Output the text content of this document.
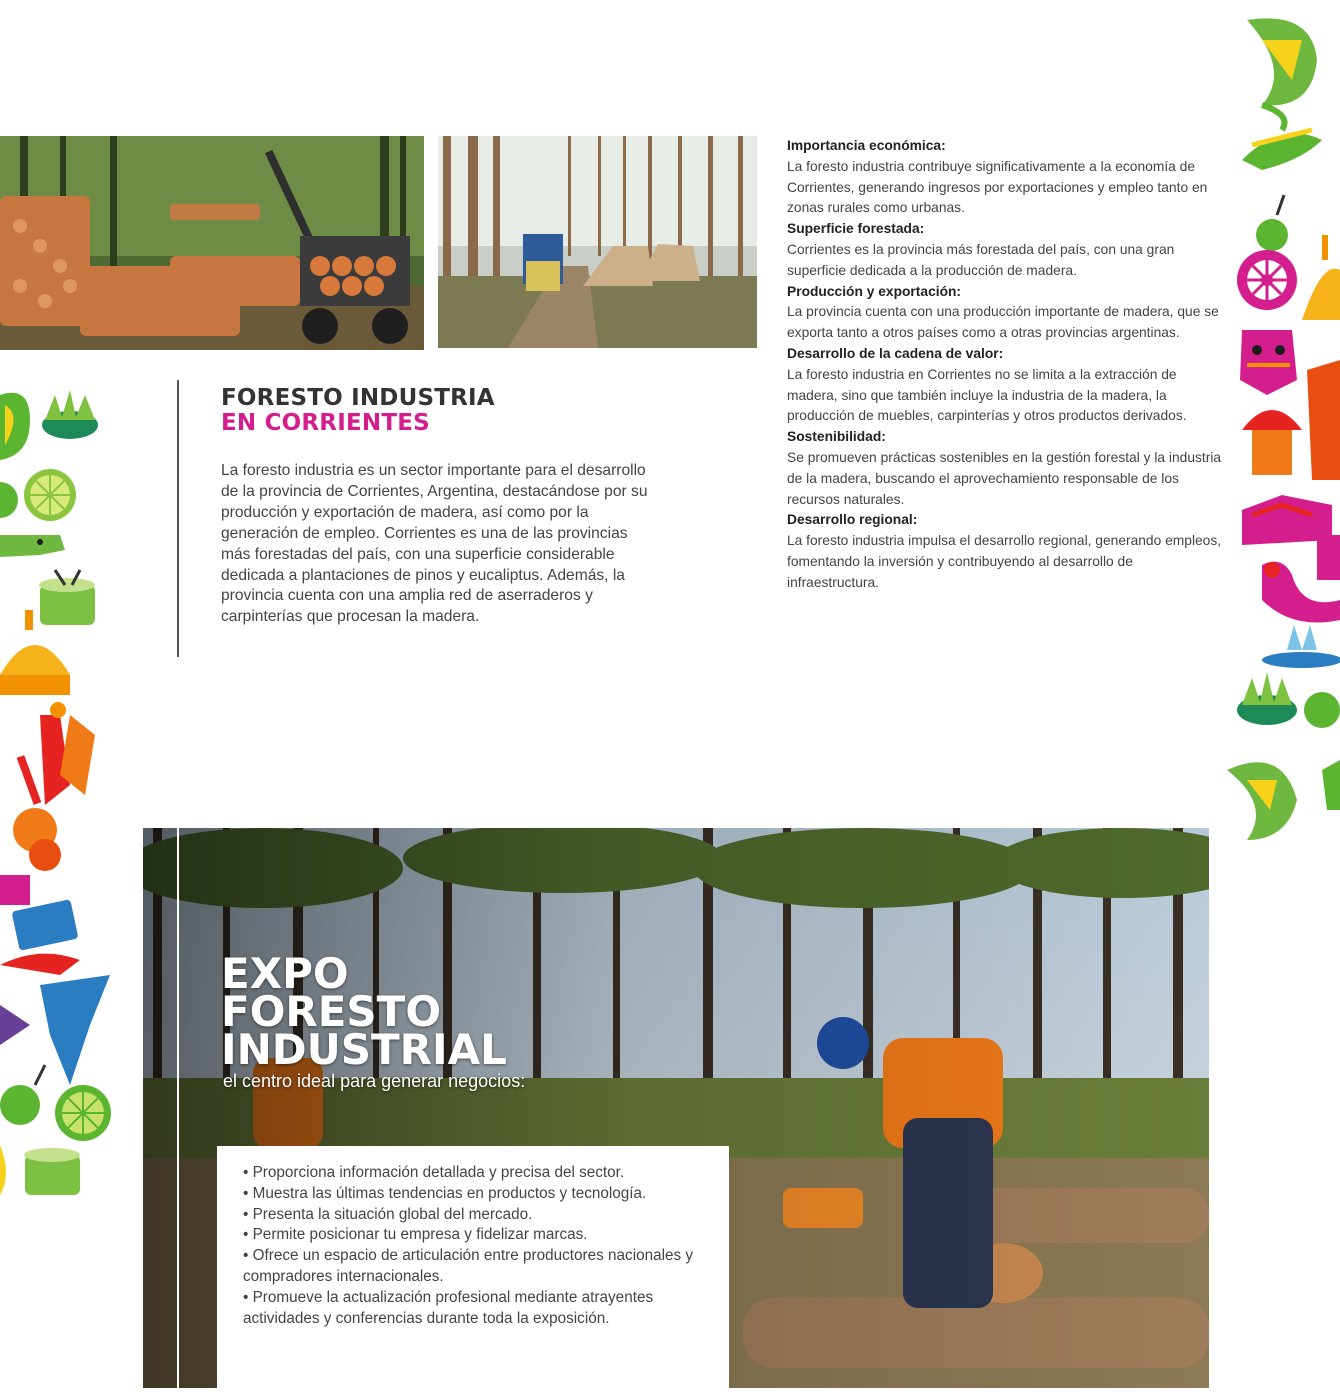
FORESTO INDUSTRIA
EN CORRIENTES

La foresto industria es un sector importante para el desarrollo de la provincia de Corrientes, Argentina, destacándose por su producción y exportación de madera, así como por la generación de empleo. Corrientes es una de las provincias más forestadas del país, con una superficie considerable dedicada a plantaciones de pinos y eucaliptus. Además, la provincia cuenta con una amplia red de aserraderos y carpinterías que procesan la madera.

Importancia económica:

La foresto industria contribuye significativamente a la economía de Corrientes, generando ingresos por exportaciones y empleo tanto en zonas rurales como urbanas.

Superficie forestada:

Corrientes es la provincia más forestada del país, con una gran superficie dedicada a la producción de madera.

Producción y exportación:

La provincia cuenta con una producción importante de madera, que se exporta tanto a otros países como a otras provincias argentinas.

Desarrollo de la cadena de valor:

La foresto industria en Corrientes no se limita a la extracción de madera, sino que también incluye la industria de la madera, la producción de muebles, carpinterías y otros productos derivados.

Sostenibilidad:

Se promueven prácticas sostenibles en la gestión forestal y la industria de la madera, buscando el aprovechamiento responsable de los recursos naturales.

Desarrollo regional:

La foresto industria impulsa el desarrollo regional, generando empleos, fomentando la inversión y contribuyendo al desarrollo de infraestructura.

EXPO
FORESTO
INDUSTRIAL

el centro ideal para generar negocios:

• Proporciona información detallada y precisa del sector.
• Muestra las últimas tendencias en productos y tecnología.
• Presenta la situación global del mercado.
• Permite posicionar tu empresa y fidelizar marcas.
• Ofrece un espacio de articulación entre productores nacionales y compradores internacionales.
• Promueve la actualización profesional mediante atrayentes actividades y conferencias durante toda la exposición.
